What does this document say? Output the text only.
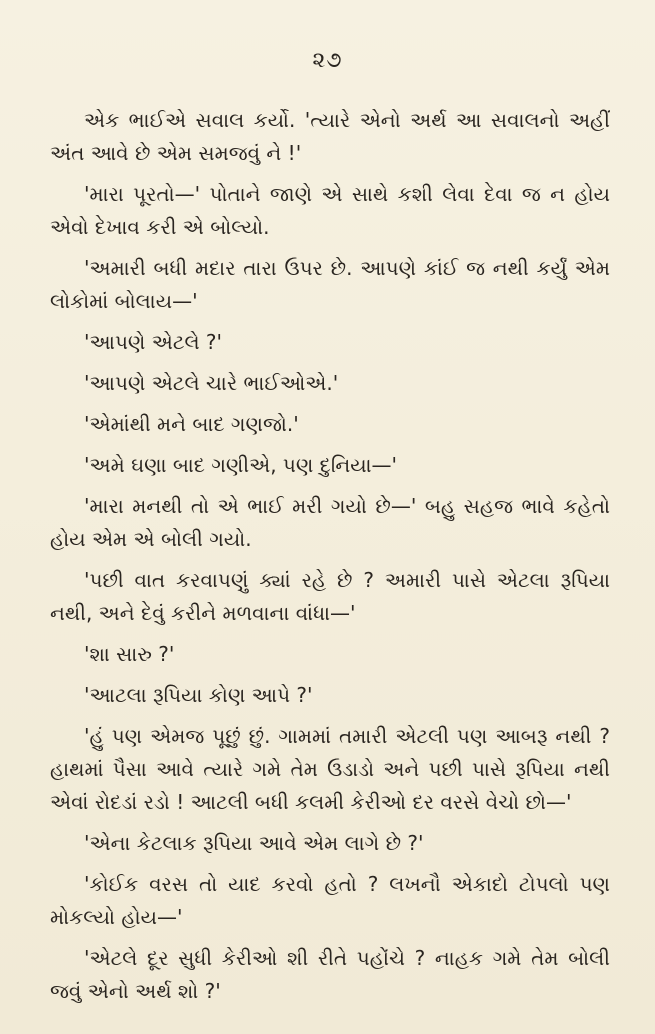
૨૭

એક ભાઈએ સવાલ કર્યો. 'ત્યારે એનો અર્થ આ સવાલનો અહીં અંત આવે છે એમ સમજવું ને !'

'મારા પૂરતો—' પોતાને જાણે એ સાથે કશી લેવા દેવા જ ન હોય એવો દેખાવ કરી એ બોલ્યો.

'અમારી બધી મદાર તારા ઉપર છે. આપણે કાંઈ જ નથી કર્યું એમ લોકોમાં બોલાય—'

'આપણે એટલે ?'

'આપણે એટલે ચારે ભાઈઓએ.'

'એમાંથી મને બાદ ગણજો.'

'અમે ઘણા બાદ ગણીએ, પણ દુનિયા—'

'મારા મનથી તો એ ભાઈ મરી ગયો છે—' બહુ સહજ ભાવે કહેતો હોય એમ એ બોલી ગયો.

'પછી વાત કરવાપણું ક્યાં રહે છે ? અમારી પાસે એટલા રૂપિયા નથી, અને દેવું કરીને મળવાના વાંધા—'

'શા સારુ ?'

'આટલા રૂપિયા કોણ આપે ?'

'હું પણ એમજ પૂછું છું. ગામમાં તમારી એટલી પણ આબરૂ નથી ? હાથમાં પૈસા આવે ત્યારે ગમે તેમ ઉડાડો અને પછી પાસે રૂપિયા નથી એવાં રોદડાં રડો ! આટલી બધી કલમી કેરીઓ દર વરસે વેચો છો—'

'એના કેટલાક રૂપિયા આવે એમ લાગે છે ?'

'કોઈક વરસ તો યાદ કરવો હતો ? લખનૌ એકાદો ટોપલો પણ મોકલ્યો હોય—'

'એટલે દૂર સુધી કેરીઓ શી રીતે પહોંચે ? નાહક ગમે તેમ બોલી જવું એનો અર્થ શો ?'
